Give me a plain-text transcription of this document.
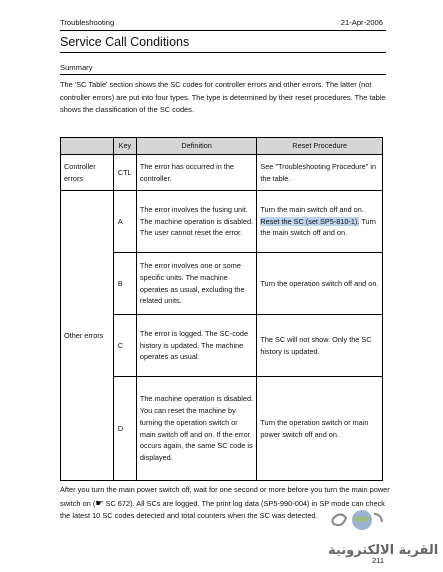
Troubleshooting	21-Apr-2006
Service Call Conditions
Summary
The 'SC Table' section shows the SC codes for controller errors and other errors. The latter (not controller errors) are put into four types. The type is determined by their reset procedures. The table shows the classification of the SC codes.
	Key	Definition	Reset Procedure
Controller errors	CTL	The error has occurred in the controller.	See "Troubleshooting Procedure" in the table.
Other errors	A	The error involves the fusing unit. The machine operation is disabled. The user cannot reset the error.	Turn the main switch off and on. Reset the SC (set SP5-810-1). Turn the main switch off and on.
	B	The error involves one or some specific units. The machine operates as usual, excluding the related units.	Turn the operation switch off and on.
	C	The error is logged. The SC-code history is updated. The machine operates as usual.	The SC will not show. Only the SC history is updated.
	D	The machine operation is disabled. You can reset the machine by turning the operation switch or main switch off and on. If the error occurs again, the same SC code is displayed.	Turn the operation switch or main power switch off and on.
After you turn the main power switch off, wait for one second or more before you turn the main power switch on (☛ SC 672). All SCs are logged. The print log data (SP5-990-004) in SP mode can check the latest 10 SC codes detected and total counters when the SC was detected.
القرية الالكترونية
211
